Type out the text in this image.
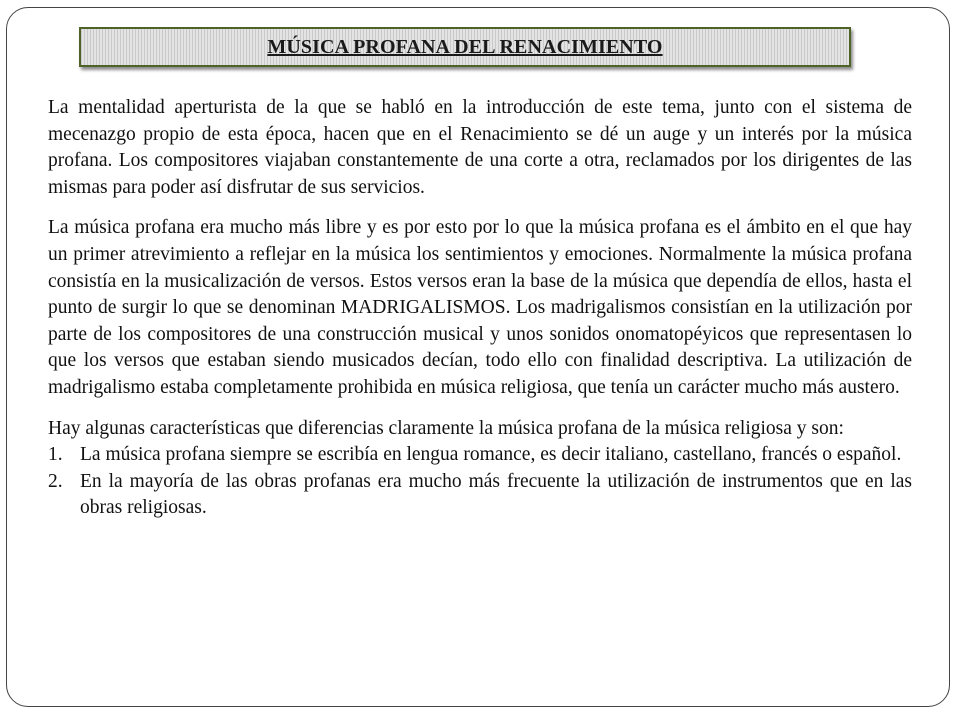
MÚSICA PROFANA DEL RENACIMIENTO

La mentalidad aperturista de la que se habló en la introducción de este tema, junto con el sistema de mecenazgo propio de esta época, hacen que en el Renacimiento se dé un auge y un interés por la música profana. Los compositores viajaban constantemente de una corte a otra, reclamados por los dirigentes de las mismas para poder así disfrutar de sus servicios.

La música profana era mucho más libre y es por esto por lo que la música profana es el ámbito en el que hay un primer atrevimiento a reflejar en la música los sentimientos y emociones. Normalmente la música profana consistía en la musicalización de versos. Estos versos eran la base de la música que dependía de ellos, hasta el punto de surgir lo que se denominan MADRIGALISMOS. Los madrigalismos consistían en la utilización por parte de los compositores de una construcción musical y unos sonidos onomatopéyicos que representasen lo que los versos que estaban siendo musicados decían, todo ello con finalidad descriptiva. La utilización de madrigalismo estaba completamente prohibida en música religiosa, que tenía un carácter mucho más austero.

Hay algunas características que diferencias claramente la música profana de la música religiosa y son:

1. La música profana siempre se escribía en lengua romance, es decir italiano, castellano, francés o español.
2. En la mayoría de las obras profanas era mucho más frecuente la utilización de instrumentos que en las obras religiosas.
